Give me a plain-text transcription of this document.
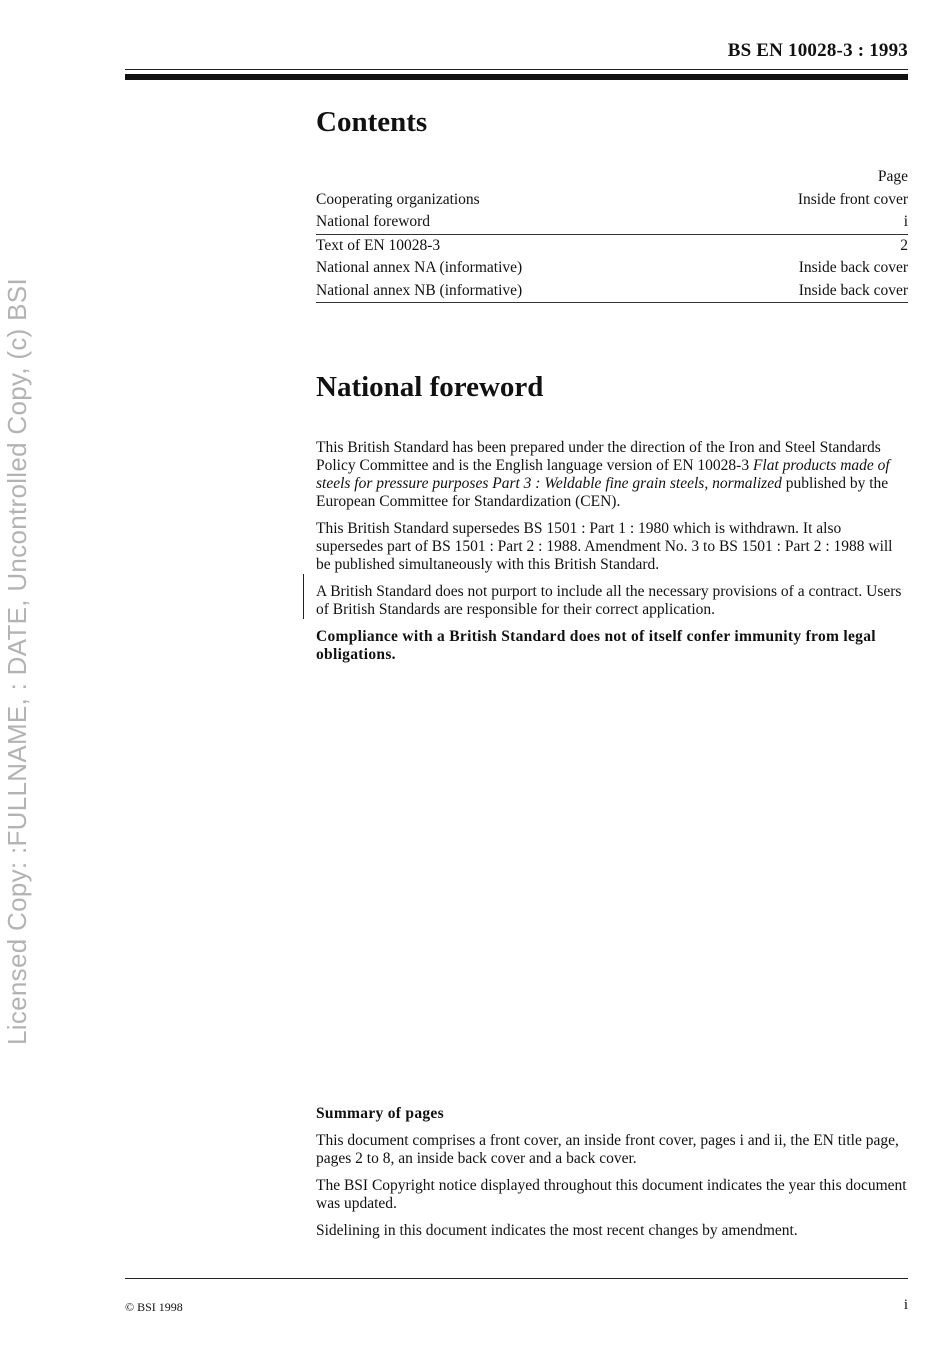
BS EN 10028-3 : 1993
Licensed Copy: :FULLNAME, : DATE, Uncontrolled Copy, (c) BSI
Contents
	Page
Cooperating organizations	Inside front cover
National foreword	i
Text of EN 10028-3	2
National annex NA (informative)	Inside back cover
National annex NB (informative)	Inside back cover
National foreword

This British Standard has been prepared under the direction of the Iron and Steel Standards Policy Committee and is the English language version of EN 10028-3 Flat products made of steels for pressure purposes Part 3 : Weldable fine grain steels, normalized published by the European Committee for Standardization (CEN).

This British Standard supersedes BS 1501 : Part 1 : 1980 which is withdrawn. It also supersedes part of BS 1501 : Part 2 : 1988. Amendment No. 3 to BS 1501 : Part 2 : 1988 will be published simultaneously with this British Standard.

A British Standard does not purport to include all the necessary provisions of a contract. Users of British Standards are responsible for their correct application.

Compliance with a British Standard does not of itself confer immunity from legal obligations.

Summary of pages

This document comprises a front cover, an inside front cover, pages i and ii, the EN title page, pages 2 to 8, an inside back cover and a back cover.

The BSI Copyright notice displayed throughout this document indicates the year this document was updated.

Sidelining in this document indicates the most recent changes by amendment.

© BSI 1998	i
